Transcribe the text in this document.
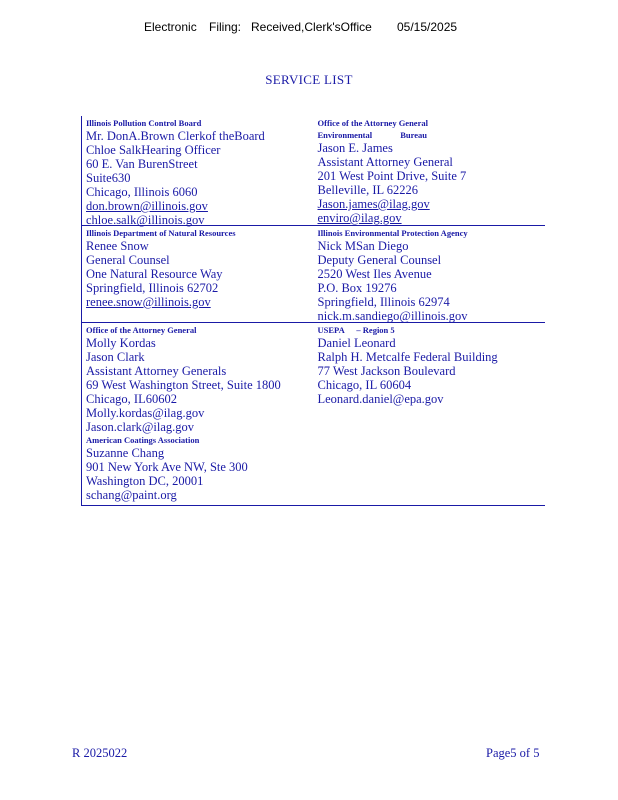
Electronic Filing: Received,Clerk'sOffice 05/15/2025
SERVICE LIST
Illinois Pollution Control Board
Mr. DonA.Brown Clerkof theBoard
Chloe SalkHearing Officer
60 E. Van BurenStreet
Suite630
Chicago, Illinois 6060
don.brown@illinois.gov
chloe.salk@illinois.gov
Office of the Attorney General
Environmental	Bureau
Jason E. James
Assistant Attorney General
201 West Point Drive, Suite 7
Belleville, IL 62226
Jason.james@ilag.gov
enviro@ilag.gov
Illinois Department of Natural Resources
Renee Snow
General Counsel
One Natural Resource Way
Springfield, Illinois 62702
renee.snow@illinois.gov
Illinois Environmental Protection Agency
Nick MSan Diego
Deputy General Counsel
2520 West Iles Avenue
P.O. Box 19276
Springfield, Illinois 62974
nick.m.sandiego@illinois.gov
Office of the Attorney General
Molly Kordas
Jason Clark
Assistant Attorney Generals
69 West Washington Street, Suite 1800
Chicago, IL60602
Molly.kordas@ilag.gov
Jason.clark@ilag.gov
American Coatings Association
Suzanne Chang
901 New York Ave NW, Ste 300
Washington DC, 20001
schang@paint.org
USEPA – Region 5
Daniel Leonard
Ralph H. Metcalfe Federal Building
77 West Jackson Boulevard
Chicago, IL 60604
Leonard.daniel@epa.gov
R 2025022	Page5 of 5
